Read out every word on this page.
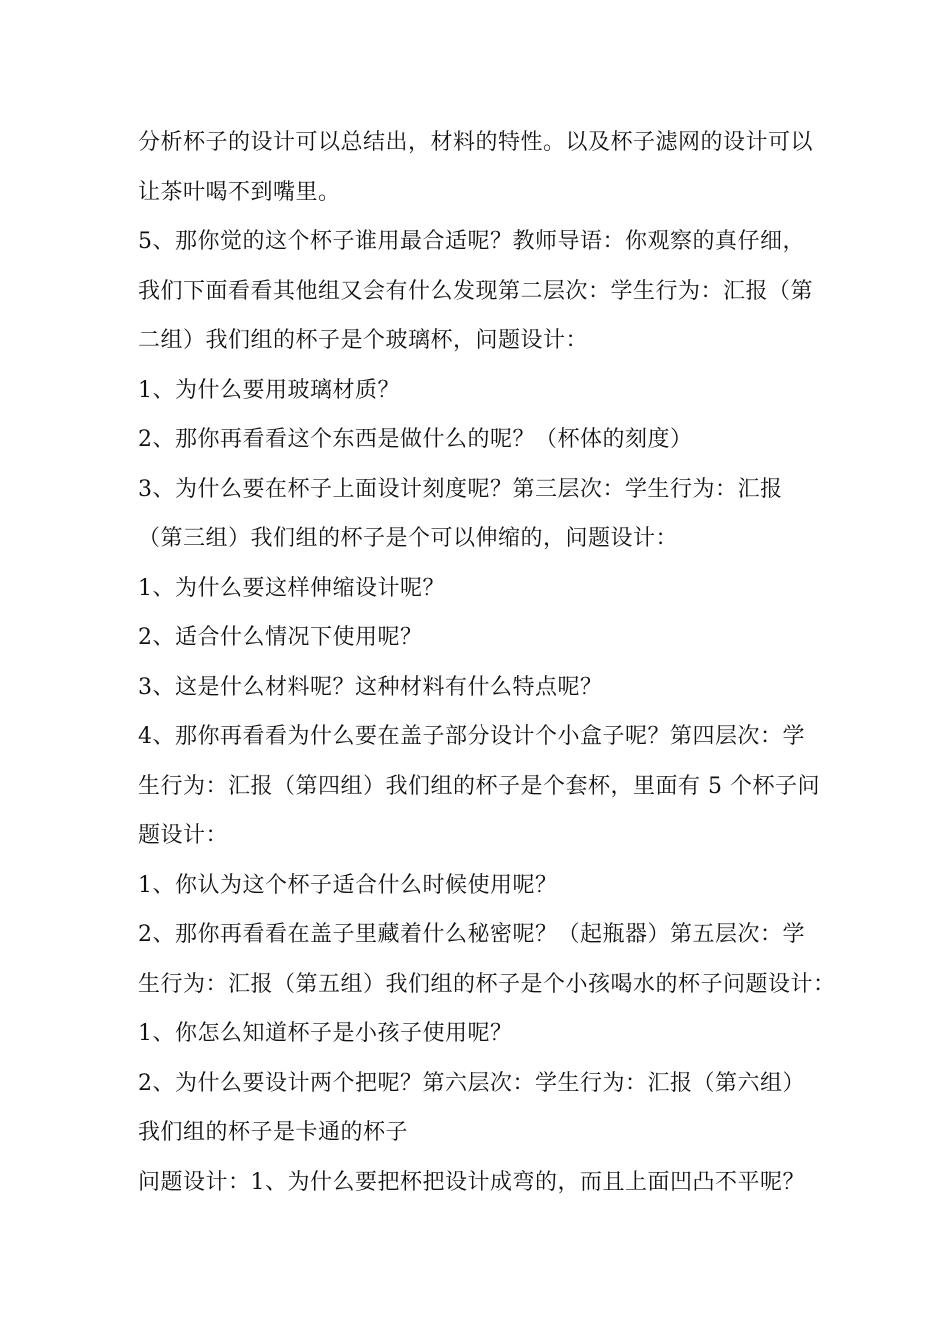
分析杯子的设计可以总结出，材料的特性。以及杯子滤网的设计可以
让茶叶喝不到嘴里。
5、那你觉的这个杯子谁用最合适呢？教师导语：你观察的真仔细，
我们下面看看其他组又会有什么发现第二层次：学生行为：汇报（第
二组）我们组的杯子是个玻璃杯，问题设计：
1、为什么要用玻璃材质？
2、那你再看看这个东西是做什么的呢？（杯体的刻度）
3、为什么要在杯子上面设计刻度呢？第三层次：学生行为：汇报
（第三组）我们组的杯子是个可以伸缩的，问题设计：
1、为什么要这样伸缩设计呢？
2、适合什么情况下使用呢？
3、这是什么材料呢？这种材料有什么特点呢？
4、那你再看看为什么要在盖子部分设计个小盒子呢？第四层次：学
生行为：汇报（第四组）我们组的杯子是个套杯，里面有 5 个杯子问
题设计：
1、你认为这个杯子适合什么时候使用呢？
2、那你再看看在盖子里藏着什么秘密呢？（起瓶器）第五层次：学
生行为：汇报（第五组）我们组的杯子是个小孩喝水的杯子问题设计：
1、你怎么知道杯子是小孩子使用呢？
2、为什么要设计两个把呢？第六层次：学生行为：汇报（第六组）
我们组的杯子是卡通的杯子
问题设计：1、为什么要把杯把设计成弯的，而且上面凹凸不平呢？
